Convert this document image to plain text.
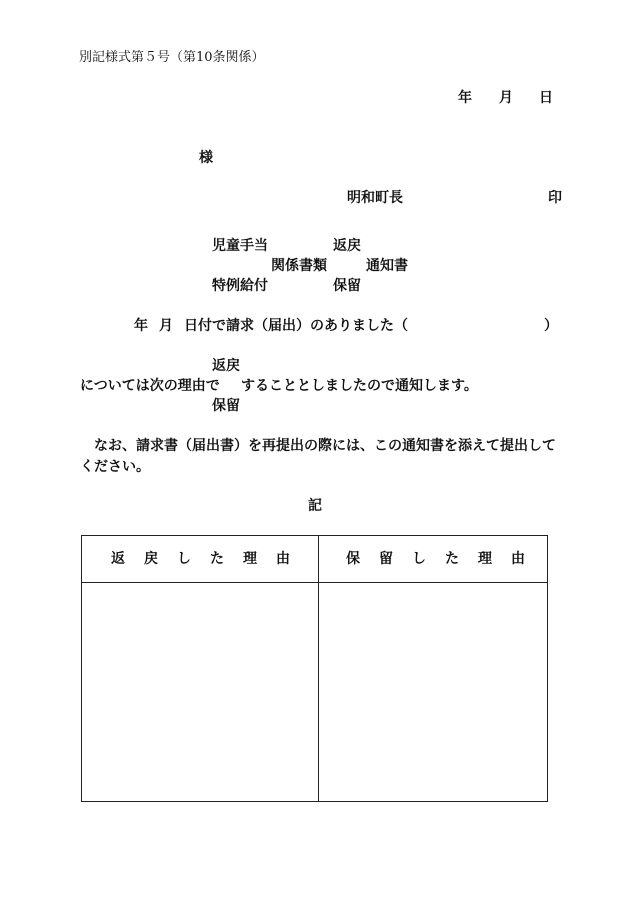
別記様式第５号（第10条関係）
年 月 日
様
明和町長	印
児童手当	返戻
関係書類	通知書
特例給付	保留
年 月 日付で請求（届出）のありました（	）
返戻
については次の理由で することとしましたので通知します。
保留
なお、請求書（届出書）を再提出の際には、この通知書を添えて提出してください。
記
返戻した理由	保留した理由
